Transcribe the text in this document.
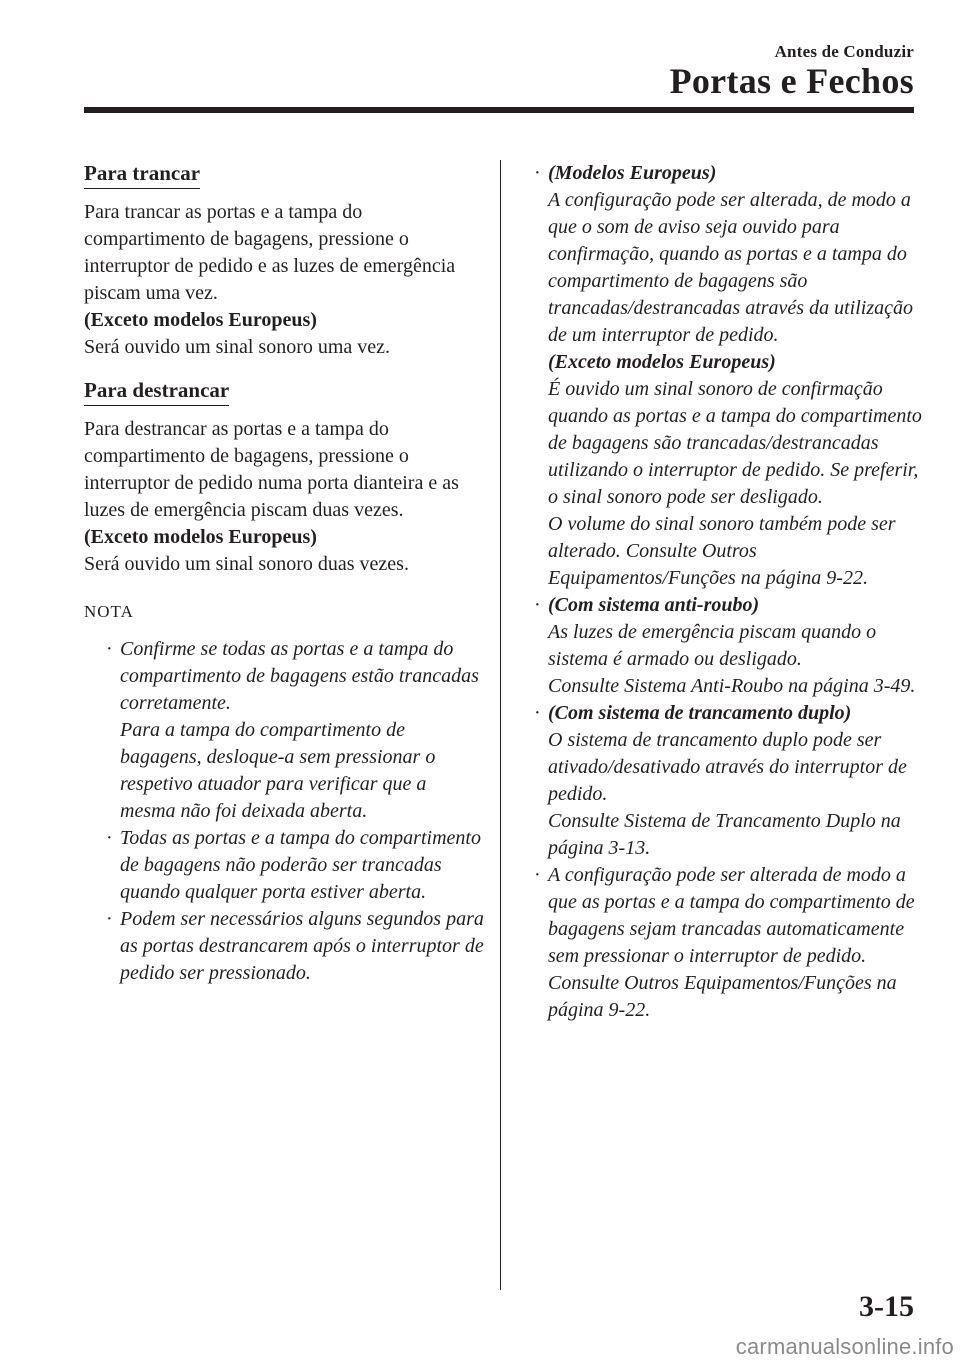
Antes de Conduzir
Portas e Fechos
Para trancar

Para trancar as portas e a tampa do compartimento de bagagens, pressione o interruptor de pedido e as luzes de emergência piscam uma vez.

(Exceto modelos Europeus)

Será ouvido um sinal sonoro uma vez.

Para destrancar

Para destrancar as portas e a tampa do compartimento de bagagens, pressione o interruptor de pedido numa porta dianteira e as luzes de emergência piscam duas vezes.

(Exceto modelos Europeus)

Será ouvido um sinal sonoro duas vezes.

NOTA
· Confirme se todas as portas e a tampa do compartimento de bagagens estão trancadas corretamente.

Para a tampa do compartimento de bagagens, desloque-a sem pressionar o respetivo atuador para verificar que a mesma não foi deixada aberta.

· Todas as portas e a tampa do compartimento de bagagens não poderão ser trancadas quando qualquer porta estiver aberta.

· Podem ser necessários alguns segundos para as portas destrancarem após o interruptor de pedido ser pressionado.

· (Modelos Europeus)

A configuração pode ser alterada, de modo a que o som de aviso seja ouvido para confirmação, quando as portas e a tampa do compartimento de bagagens são trancadas/destrancadas através da utilização de um interruptor de pedido.

(Exceto modelos Europeus)

É ouvido um sinal sonoro de confirmação quando as portas e a tampa do compartimento de bagagens são trancadas/destrancadas utilizando o interruptor de pedido. Se preferir, o sinal sonoro pode ser desligado.

O volume do sinal sonoro também pode ser alterado. Consulte Outros Equipamentos/Funções na página 9-22.

· (Com sistema anti-roubo)

As luzes de emergência piscam quando o sistema é armado ou desligado.

Consulte Sistema Anti-Roubo na página 3-49.

· (Com sistema de trancamento duplo)

O sistema de trancamento duplo pode ser ativado/desativado através do interruptor de pedido.

Consulte Sistema de Trancamento Duplo na página 3-13.

· A configuração pode ser alterada de modo a que as portas e a tampa do compartimento de bagagens sejam trancadas automaticamente sem pressionar o interruptor de pedido.

Consulte Outros Equipamentos/Funções na página 9-22.

3-15
carmanualsonline.info
